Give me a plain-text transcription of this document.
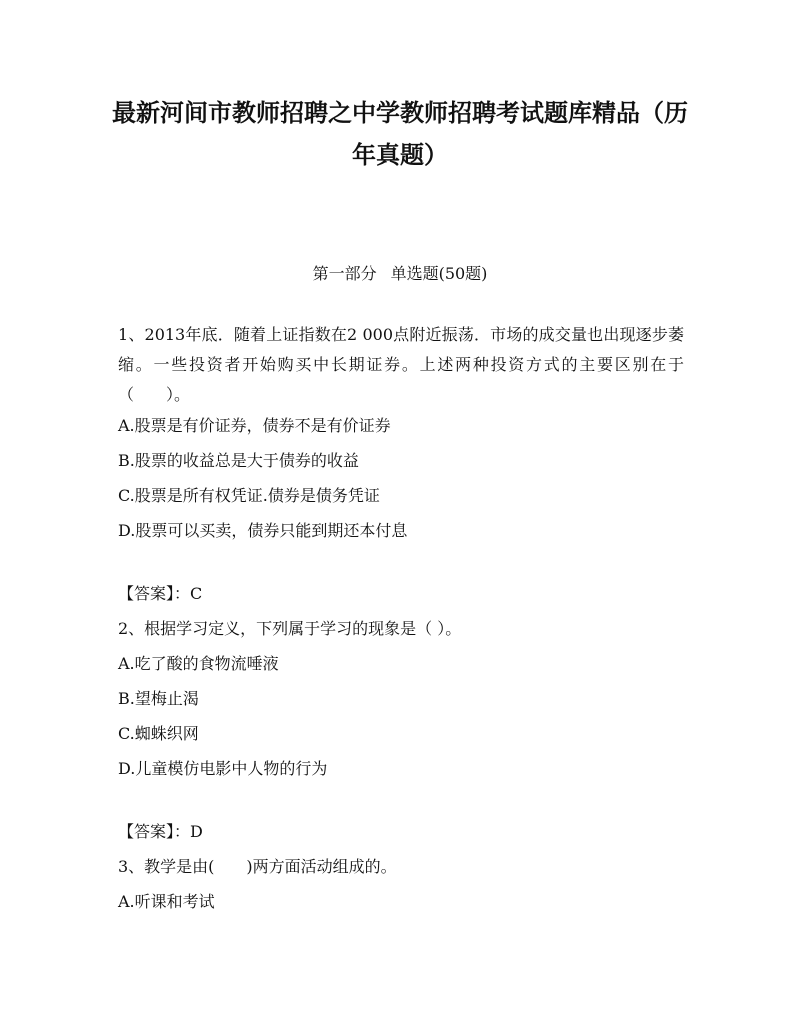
最新河间市教师招聘之中学教师招聘考试题库精品（历年真题）

第一部分 单选题(50题)

1、2013年底．随着上证指数在2 000点附近振荡．市场的成交量也出现逐步萎缩。一些投资者开始购买中长期证券。上述两种投资方式的主要区别在于（　　）。

A.股票是有价证券，债券不是有价证券

B.股票的收益总是大于债券的收益

C.股票是所有权凭证.债券是债务凭证

D.股票可以买卖，债券只能到期还本付息

【答案】：C

2、根据学习定义，下列属于学习的现象是（ ）。

A.吃了酸的食物流唾液

B.望梅止渴

C.蜘蛛织网

D.儿童模仿电影中人物的行为

【答案】：D

3、教学是由(　　)两方面活动组成的。

A.听课和考试
